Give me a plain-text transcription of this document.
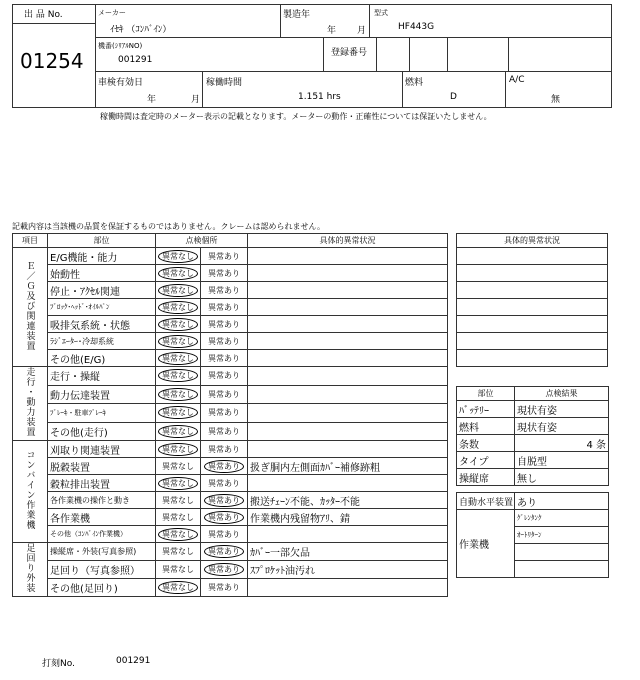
出 品 No.
01254
メーカー
ｲｾｷ （ｺﾝﾊﾞｲﾝ）
製造年
年 月
型式
HF443G
機番(ｼﾘｱﾙNO)
001291
登録番号
車検有効日
年	月
稼働時間
1.151 hrs
燃料
D
A/C
無
稼働時間は査定時のメーター表示の記載となります。メーターの動作・正確性については保証いたしません。
記載内容は当該機の品質を保証するものではありません。クレームは認められません。
項目	部位	点検個所		具体的異常状況
Ｅ／Ｇ及び関連装置	E/G機能・能力	異常なし	異常あり	
	始動性	異常なし	異常あり	
	停止・ｱｸｾﾙ関連	異常なし	異常あり	
	ﾌﾞﾛｯｸ･ﾍｯﾄﾞ･ｵｲﾙﾊﾟﾝ	異常なし	異常あり	
	吸排気系統・状態	異常なし	異常あり	
	ﾗｼﾞｴｰﾀｰ･冷却系統	異常なし	異常あり	
	その他(E/G)	異常なし	異常あり	
走行・動力装置	走行・操縦	異常なし	異常あり	
	動力伝達装置	異常なし	異常あり	
	ﾌﾞﾚｰｷ・駐車ﾌﾞﾚｰｷ	異常なし	異常あり	
	その他(走行)	異常なし	異常あり	
コンバイン作業機	刈取り関連装置	異常なし	異常あり	
	脱穀装置	異常なし	異常あり	扱ぎ胴内左側面ｶﾊﾞｰ補修跡粗
	穀粒排出装置	異常なし	異常あり	
	各作業機の操作と動き	異常なし	異常あり	搬送ﾁｪｰﾝ不能、ｶｯﾀｰ不能
	各作業機	異常なし	異常あり	作業機内残留物ｱﾘ、錆
	その他（ｺﾝﾊﾞｲﾝ作業機）	異常なし	異常あり	
足回り外装	操縦席・外装(写真参照)	異常なし	異常あり	ｶﾊﾞｰ一部欠品
	足回り（写真参照）	異常なし	異常あり	ｽﾌﾟﾛｹｯﾄ油汚れ
	その他(足回り)	異常なし	異常あり	
具体的異常状況

部位	点検結果
ﾊﾞｯﾃﾘｰ	現状有姿
燃料	現状有姿
条数	4 条
タイプ	自脱型
操縦席	無し
自動水平装置	あり
作業機	ｸﾞﾚﾝﾀﾝｸ
	ｵｰﾄﾘﾀｰﾝ

打刻No.	001291
